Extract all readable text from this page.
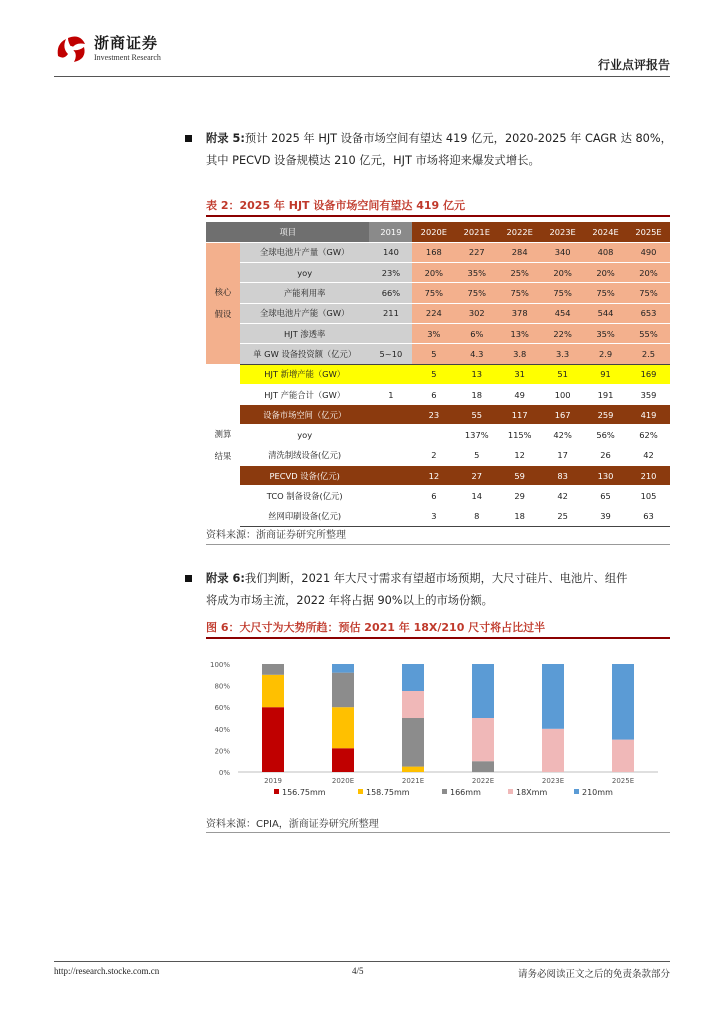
浙商证券
Investment Research
行业点评报告
附录 5:预计 2025 年 HJT 设备市场空间有望达 419 亿元，2020-2025 年 CAGR 达 80%，
其中 PECVD 设备规模达 210 亿元，HJT 市场将迎来爆发式增长。
表 2：2025 年 HJT 设备市场空间有望达 419 亿元
项目		2019	2020E	2021E	2022E	2023E	2024E	2025E

核心
假设	全球电池片产量（GW）	140	168	227	284	340	408	490
	yoy	23%	20%	35%	25%	20%	20%	20%
	产能利用率	66%	75%	75%	75%	75%	75%	75%
	全球电池片产能（GW）	211	224	302	378	454	544	653
	HJT 渗透率		3%	6%	13%	22%	35%	55%
	单 GW 设备投资额（亿元）	5~10	5	4.3	3.8	3.3	2.9	2.5

测算
结果	HJT 新增产能（GW）		5	13	31	51	91	169
	HJT 产能合计（GW）	1	6	18	49	100	191	359
	设备市场空间（亿元）		23	55	117	167	259	419
	yoy			137%	115%	42%	56%	62%
	清洗制绒设备(亿元)		2	5	12	17	26	42
	PECVD 设备(亿元)		12	27	59	83	130	210
	TCO 制备设备(亿元)		6	14	29	42	65	105
	丝网印刷设备(亿元)		3	8	18	25	39	63
资料来源：浙商证券研究所整理
附录 6:我们判断，2021 年大尺寸需求有望超市场预期，大尺寸硅片、电池片、组件
将成为市场主流，2022 年将占据 90%以上的市场份额。
图 6：大尺寸为大势所趋：预估 2021 年 18X/210 尺寸将占比过半
0%
20%
40%
60%
80%
100%
2019	2020E	2021E	2022E	2023E	2025E
156.75mm	158.75mm	166mm	18Xmm	210mm
资料来源：CPIA，浙商证券研究所整理
http://research.stocke.com.cn	4/5	请务必阅读正文之后的免责条款部分
